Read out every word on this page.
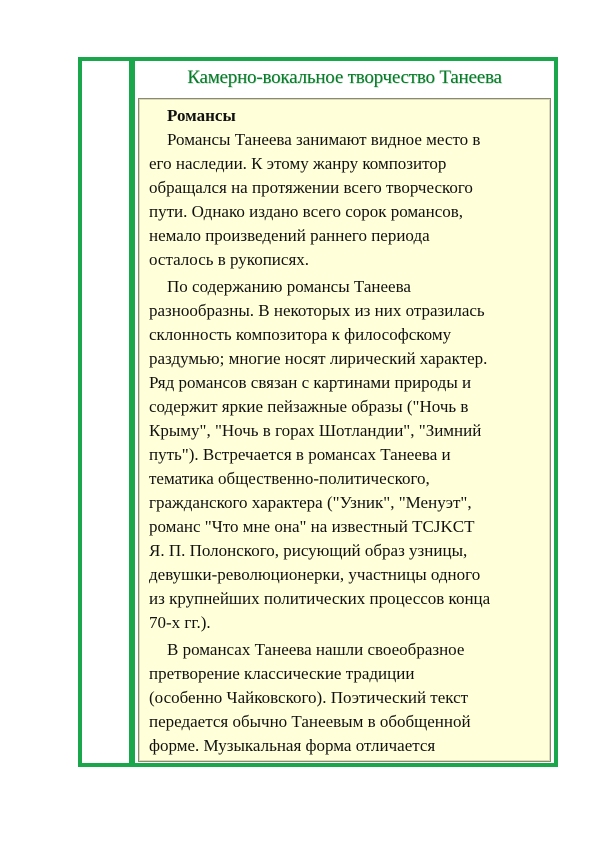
Камерно-вокальное творчество Танеева
Романсы

Романсы Танеева занимают видное место в
его наследии. К этому жанру композитор
обращался на протяжении всего творческого
пути. Однако издано всего сорок романсов,
немало произведений раннего периода
осталось в рукописях.

По содержанию романсы Танеева
разнообразны. В некоторых из них отразилась
склонность композитора к философскому
раздумью; многие носят лирический характер.
Ряд романсов связан с картинами природы и
содержит яркие пейзажные образы ("Ночь в
Крыму", "Ночь в горах Шотландии", "Зимний
путь"). Встречается в романсах Танеева и
тематика общественно-политического,
гражданского характера ("Узник", "Менуэт",
романс "Что мне она" на известный TCJKCT
Я. П. Полонского, рисующий образ узницы,
девушки-революционерки, участницы одного
из крупнейших политических процессов конца
70-х гг.).

В романсах Танеева нашли своеобразное
претворение классические традиции
(особенно Чайковского). Поэтический текст
передается обычно Танеевым в обобщенной
форме. Музыкальная форма отличается
